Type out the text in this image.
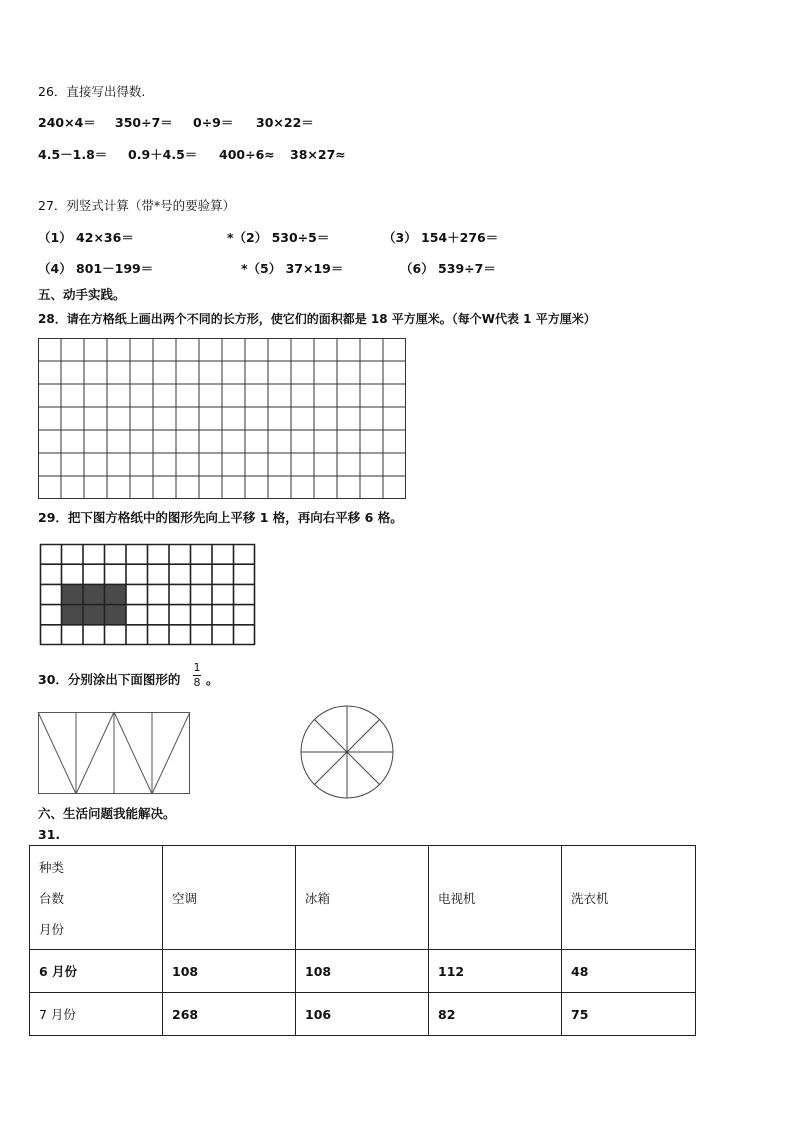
26．直接写出得数.
240×4＝ 350÷7＝ 0÷9＝ 30×22＝
4.5－1.8＝ 0.9＋4.5＝ 400÷6≈ 38×27≈
27．列竖式计算（带*号的要验算）
（1） 42×36＝	*（2） 530÷5＝	（3） 154＋276＝
（4） 801－199＝	*（5） 37×19＝	（6） 539÷7＝
五、动手实践。
28．请在方格纸上画出两个不同的长方形，使它们的面积都是 18 平方厘米。（每个W代表 1 平方厘米）
29．把下图方格纸中的图形先向上平移 1 格，再向右平移 6 格。
30．分别涂出下面图形的
1
8 。
六、生活问题我能解决。
31.
种类
台数
月份	空调	冰箱	电视机	洗衣机
6 月份	108	108	112	48
7 月份	268	106	82	75
